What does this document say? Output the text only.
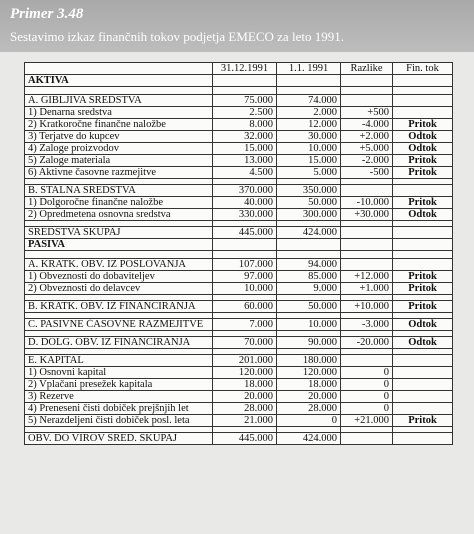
Primer 3.48
Sestavimo izkaz finančnih tokov podjetja EMECO za leto 1991.
	31.12.1991	1.1. 1991	Razlike	Fin. tok
AKTIVA				

A. GIBLJIVA SREDSTVA	75.000	74.000		
1) Denarna sredstva	2.500	2.000	+500	
2) Kratkoročne finančne naložbe	8.000	12.000	-4.000	Pritok
3) Terjatve do kupcev	32.000	30.000	+2.000	Odtok
4) Zaloge proizvodov	15.000	10.000	+5.000	Odtok
5) Zaloge materiala	13.000	15.000	-2.000	Pritok
6) Aktivne časovne razmejitve	4.500	5.000	-500	Pritok

B. STALNA SREDSTVA	370.000	350.000		
1) Dolgoročne finančne naložbe	40.000	50.000	-10.000	Pritok
2) Opredmetena osnovna sredstva	330.000	300.000	+30.000	Odtok

SREDSTVA SKUPAJ	445.000	424.000		
PASIVA				

A. KRATK. OBV. IZ POSLOVANJA	107.000	94.000		
1) Obveznosti do dobaviteljev	97.000	85.000	+12.000	Pritok
2) Obveznosti do delavcev	10.000	9.000	+1.000	Pritok

B. KRATK. OBV. IZ FINANCIRANJA	60.000	50.000	+10.000	Pritok

C. PASIVNE ČASOVNE RAZMEJITVE	7.000	10.000	-3.000	Odtok

D. DOLG. OBV. IZ FINANCIRANJA	70.000	90.000	-20.000	Odtok

E. KAPITAL	201.000	180.000		
1) Osnovni kapital	120.000	120.000	0	
2) Vplačani presežek kapitala	18.000	18.000	0	
3) Rezerve	20.000	20.000	0	
4) Preneseni čisti dobiček prejšnjih let	28.000	28.000	0	
5) Nerazdeljeni čisti dobiček posl. leta	21.000	0	+21.000	Pritok

OBV. DO VIROV SRED. SKUPAJ	445.000	424.000		
